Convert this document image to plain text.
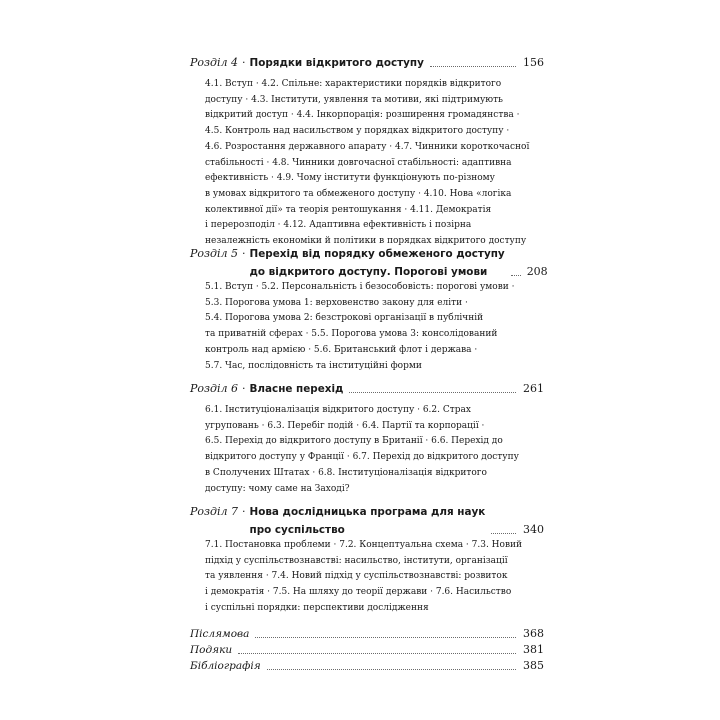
Розділ 4 · Порядки відкритого доступу	156

4.1. Вступ · 4.2. Спільне: характеристики порядків відкритого
доступу · 4.3. Інститути, уявлення та мотиви, які підтримують
відкритий доступ · 4.4. Інкорпорація: розширення громадянства ·
4.5. Контроль над насильством у порядках відкритого доступу ·
4.6. Розростання державного апарату · 4.7. Чинники короткочасної
стабільності · 4.8. Чинники довгочасної стабільності: адаптивна
ефективність · 4.9. Чому інститути функціонують по-різному
в умовах відкритого та обмеженого доступу · 4.10. Нова «логіка
колективної дії» та теорія рентошукання · 4.11. Демократія
і перерозподіл · 4.12. Адаптивна ефективність і позірна
незалежність економіки й політики в порядках відкритого доступу

Розділ 5 · Перехід від порядку обмеженого доступу
до відкритого доступу. Порогові умови	208

5.1. Вступ · 5.2. Персональність і безособовість: порогові умови ·
5.3. Порогова умова 1: верховенство закону для еліти ·
5.4. Порогова умова 2: безстрокові організації в публічній
та приватній сферах · 5.5. Порогова умова 3: консолідований
контроль над армією · 5.6. Британський флот і держава ·
5.7. Час, послідовність та інституційні форми

Розділ 6 · Власне перехід	261

6.1. Інституціоналізація відкритого доступу · 6.2. Страх
угруповань · 6.3. Перебіг подій · 6.4. Партії та корпорації ·
6.5. Перехід до відкритого доступу в Британії · 6.6. Перехід до
відкритого доступу у Франції · 6.7. Перехід до відкритого доступу
в Сполучених Штатах · 6.8. Інституціоналізація відкритого
доступу: чому саме на Заході?

Розділ 7 · Нова дослідницька програма для наук
про суспільство	340

7.1. Постановка проблеми · 7.2. Концептуальна схема · 7.3. Новий
підхід у суспільствознавстві: насильство, інститути, організації
та уявлення · 7.4. Новий підхід у суспільствознавстві: розвиток
і демократія · 7.5. На шляху до теорії держави · 7.6. Насильство
і суспільні порядки: перспективи дослідження

Післямова	368
Подяки	381
Бібліографія	385
